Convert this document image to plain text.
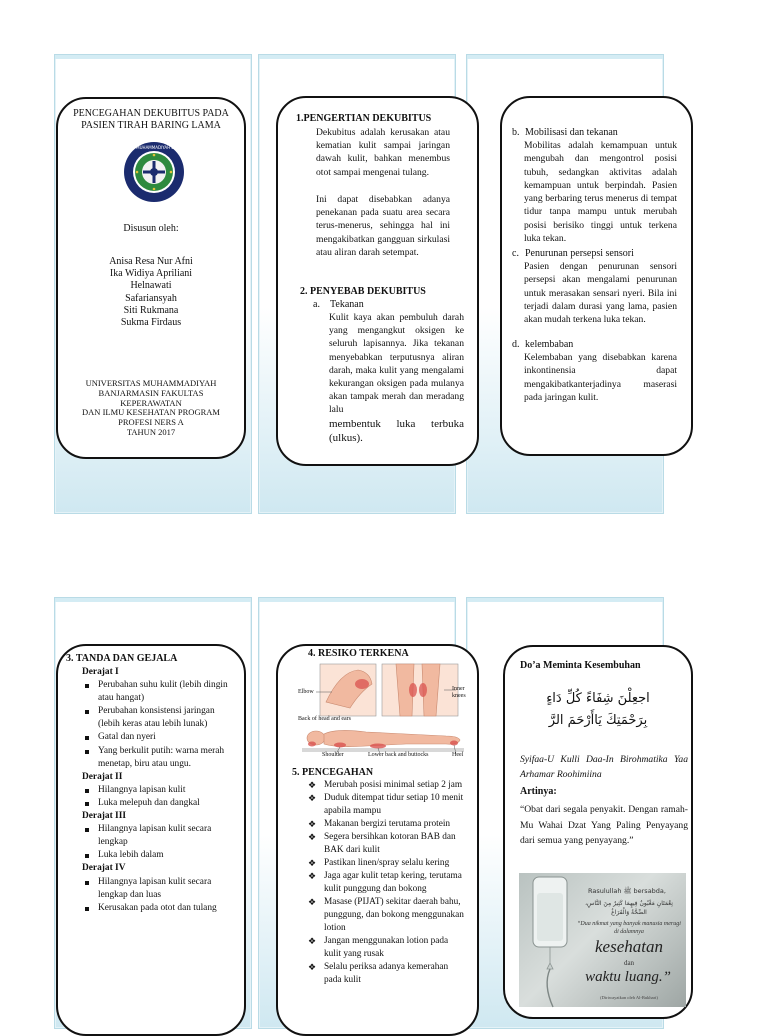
PENCEGAHAN DEKUBITUS PADA PASIEN TIRAH BARING LAMA
UNIVERSITAS MUHAMMADIYAH BANJARMASIN
Disusun oleh:
Anisa Resa Nur Afni
Ika Widiya Apriliani
Helnawati
Safariansyah
Siti Rukmana
Sukma Firdaus
UNIVERSITAS MUHAMMADIYAH
BANJARMASIN FAKULTAS
KEPERAWATAN
DAN ILMU KESEHATAN PROGRAM
PROFESI NERS A
TAHUN 2017
1.PENGERTIAN DEKUBITUS
Dekubitus adalah kerusakan atau kematian kulit sampai jaringan dawah kulit, bahkan menembus otot sampai mengenai tulang.
Ini dapat disebabkan adanya penekanan pada suatu area secara terus-menerus, sehingga hal ini mengakibatkan gangguan sirkulasi atau aliran darah setempat.
2. PENYEBAB DEKUBITUS
a. Tekanan
Kulit kaya akan pembuluh darah yang mengangkut oksigen ke seluruh lapisannya. Jika tekanan menyebabkan terputusnya aliran darah, maka kulit yang mengalami kekurangan oksigen pada mulanya akan tampak merah dan meradang lalu
membentuk luka terbuka (ulkus).
b. Mobilisasi dan tekanan
Mobilitas adalah kemampuan untuk mengubah dan mengontrol posisi tubuh, sedangkan aktivitas adalah kemampuan untuk berpindah. Pasien yang berbaring terus menerus di tempat tidur tanpa mampu untuk merubah posisi berisiko tinggi untuk terkena luka tekan.
c. Penurunan persepsi sensori
Pasien dengan penurunan sensori persepsi akan mengalami penurunan untuk merasakan sensari nyeri. Bila ini terjadi dalam durasi yang lama, pasien akan mudah terkena luka tekan.
d. kelembaban
Kelembaban yang disebabkan karena inkontinensia dapat mengakibatkanterjadinya maserasi pada jaringan kulit.
3. TANDA DAN GEJALA
Derajat I
Perubahan suhu kulit (lebih dingin atau hangat)
Perubahan konsistensi jaringan (lebih keras atau lebih lunak)
Gatal dan nyeri
Yang berkulit putih: warna merah menetap, biru atau ungu.
Derajat II
Hilangnya lapisan kulit
Luka melepuh dan dangkal
Derajat III
Hilangnya lapisan kulit secara lengkap
Luka lebih dalam
Derajat IV
Hilangnya lapisan kulit secara lengkap dan luas
Kerusakan pada otot dan tulang
4. RESIKO TERKENA
Elbow	Inner knees
Back of head and ears
Shoulder	Lower back and buttocks	Heel
5. PENCEGAHAN
❖ Merubah posisi minimal setiap 2 jam
❖ Duduk ditempat tidur setiap 10 menit apabila mampu
❖ Makanan bergizi terutama protein
❖ Segera bersihkan kotoran BAB dan BAK dari kulit
❖ Pastikan linen/spray selalu kering
❖ Jaga agar kulit tetap kering, terutama kulit punggung dan bokong
❖ Masase (PIJAT) sekitar daerah bahu, punggung, dan bokong menggunakan lotion
❖ Jangan menggunakan lotion pada kulit yang rusak
❖ Selalu periksa adanya kemerahan pada kulit
Do’a Meminta Kesembuhan
اجعِلْنَ شِفَاءً كُلِّ دَاءٍ
بِرَحْمَتِكَ يَاأَرْحَمَ الرَّ
Syifaa-U Kulli Daa-In Birohmatika Yaa Arhamar Roohimiina
Artinya:
“Obat dari segala penyakit. Dengan ramah-Mu Wahai Dzat Yang Paling Penyayang dari semua yang penyayang.”
Rasulullah ﷺ bersabda,
نِعْمَتَانِ مَغْبُونٌ فِيهِمَا كَثِيرٌ مِنَ النَّاسِ، الصِّحَّةُ وَالْفَرَاغُ
“Dua nikmat yang banyak manusia merugi di dalamnya
kesehatan
dan
waktu luang.”
(Diriwayatkan oleh Al-Bukhari)
